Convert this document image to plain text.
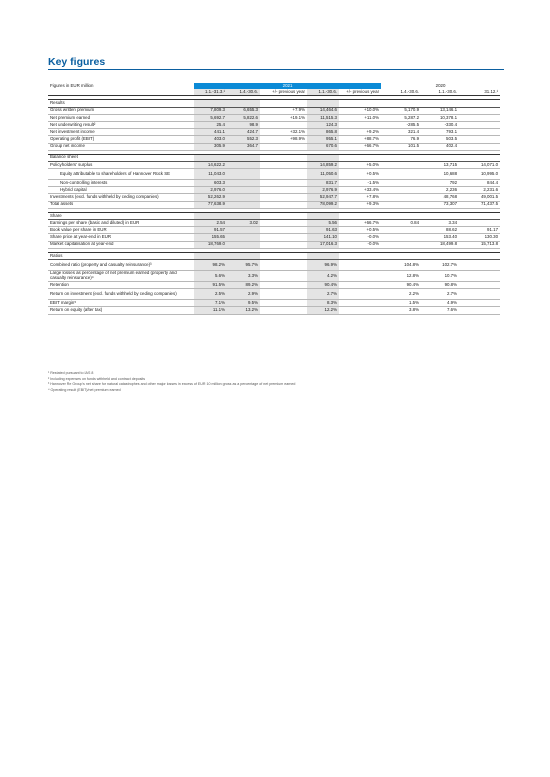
Key figures
Figures in EUR million	2021					2020		
	1.1.-31.3.¹	1.4.-30.6.	+/- previous year	1.1.-30.6.	+/- previous year	1.4.-30.6.	1.1.-30.6.	31.12.¹

Results								
Gross written premium	7,809.3	6,655.3	+7.9%	14,464.6	+10.0%	5,170.9	13,146.1	
Net premium earned	5,692.7	5,822.6	+19.1%	11,515.3	+11.0%	5,287.2	10,378.1	
Net underwriting result²	25.4	98.9		124.3		-285.5	-330.4	
Net investment income	441.1	424.7	+32.1%	865.8	+9.2%	321.4	793.1	
Operating profit (EBIT)	403.0	552.3	+98.9%	955.1	+88.7%	76.9	503.5	
Group net income	305.9	364.7		670.6	+66.7%	101.5	402.4	

Balance sheet								
Policyholders' surplus	14,622.2			14,859.2	+5.0%		13,715	14,071.0
Equity attributable to shareholders of Hannover Rück SE	11,043.0			11,050.6	+0.5%		10,688	10,995.0
Non-controlling interests	603.3			831.7	-1.5%		792	844.4
Hybrid capital	2,976.0			2,976.9	+33.4%		2,236	2,231.6
Investments (excl. funds withheld by ceding companies)	52,262.9			52,947.7	+7.8%		48,768	49,001.5
Total assets	77,638.9			78,099.2	+9.3%		73,307	71,437.5

Share								
Earnings per share (basic and diluted) in EUR	2.54	3.02		5.56	+66.7%	0.84	3.34	
Book value per share in EUR	91.57			91.63	+0.5%		88.62	91.17
Share price at year-end in EUR	155.65			141.10	-0.0%		153.40	130.30
Market capitalisation at year-end	18,769.0			17,016.3	-0.0%		18,499.8	15,713.8

Ratios								
Combined ratio (property and casualty reinsurance)³	98.2%	95.7%		96.9%		104.8%	102.7%	
Large losses as percentage of net premium earned (property and casualty reinsurance)⁴	5.6%	3.3%		4.2%		12.8%	10.7%	
Retention	91.5%	89.2%		90.4%		90.4%	90.8%	
Return on investment (excl. funds withheld by ceding companies)	2.5%	2.9%		2.7%		2.2%	2.7%	
EBIT margin⁵	7.1%	9.5%		8.3%		1.5%	4.9%	
Return on equity (after tax)	11.1%	13.2%		12.2%		3.8%	7.6%	
¹ Restated pursuant to IAS 8
² Including expenses on funds withheld and contract deposits
³ Hannover Re Group's net share for natural catastrophes and other major losses in excess of EUR 10 million gross as a percentage of net premium earned
⁴ Operating result (EBIT)/net premium earned
